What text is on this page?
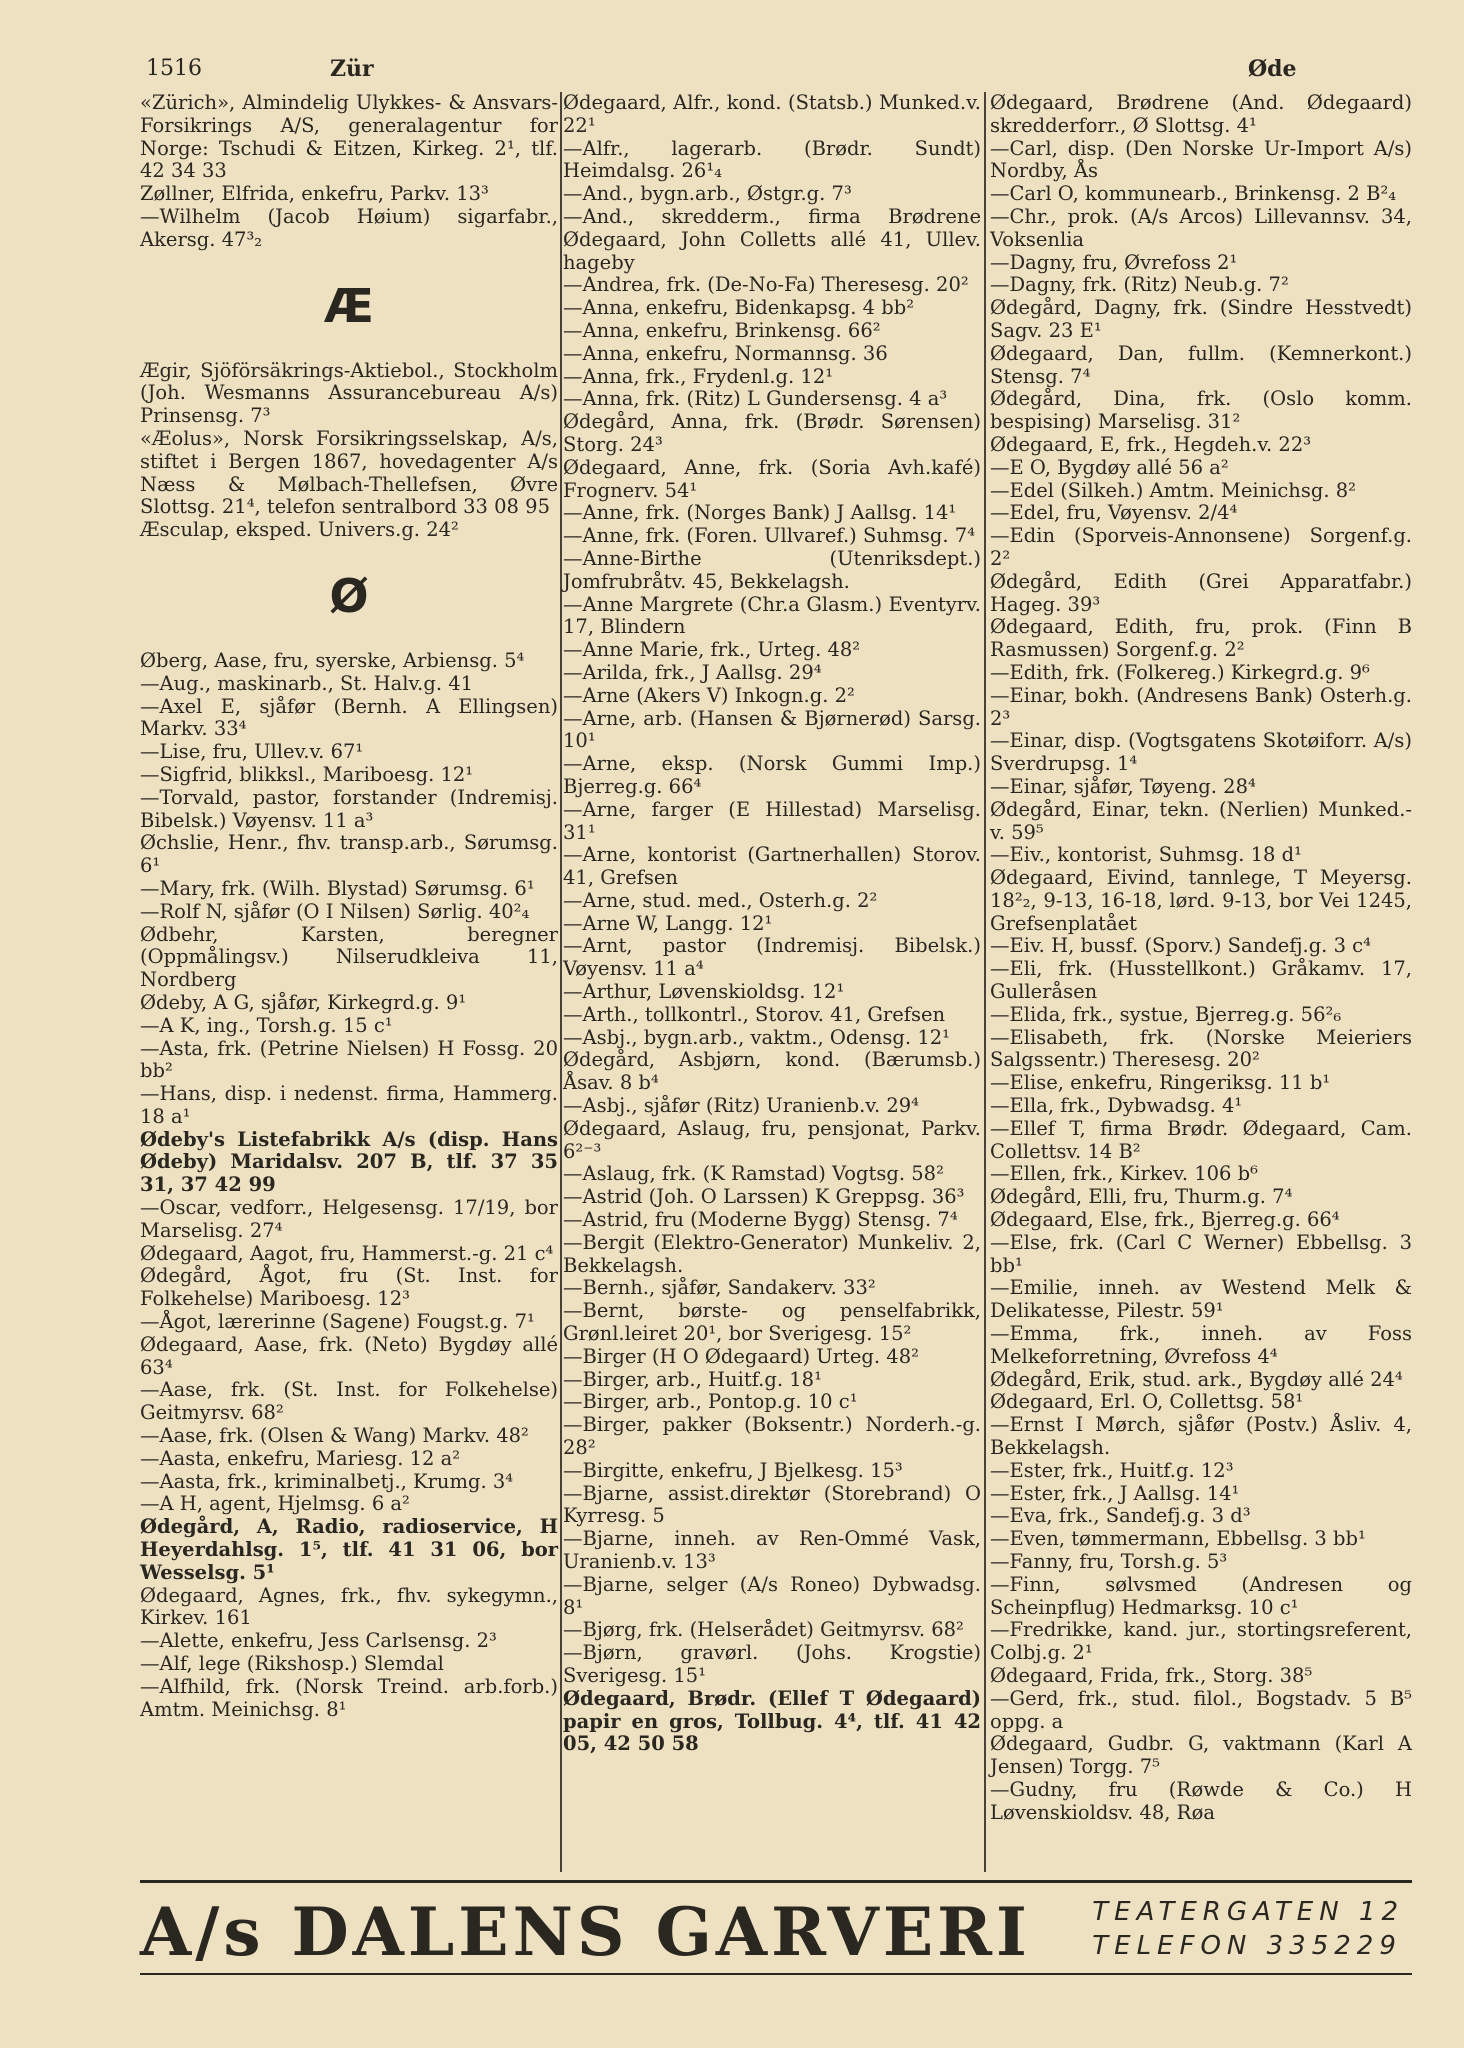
1516	Zür	Øde
«Zürich», Almindelig Ulykkes- & Ansvars-Forsikrings A/S, generalagentur for Norge: Tschudi & Eitzen, Kirkeg. 2¹, tlf. 42 34 33
Zøllner, Elfrida, enkefru, Parkv. 13³
—Wilhelm (Jacob Høium) sigarfabr., Akersg. 47³₂
Æ
Ægir, Sjöförsäkrings-Aktiebol., Stockholm (Joh. Wesmanns Assurancebureau A/s) Prinsensg. 7³
«Æolus», Norsk Forsikringsselskap, A/s, stiftet i Bergen 1867, hovedagenter A/s Næss & Mølbach-Thellefsen, Øvre Slottsg. 21⁴, telefon sentralbord 33 08 95
Æsculap, eksped. Univers.g. 24²
Ø
Øberg, Aase, fru, syerske, Arbiensg. 5⁴
—Aug., maskinarb., St. Halv.g. 41
—Axel E, sjåfør (Bernh. A Ellingsen) Markv. 33⁴
—Lise, fru, Ullev.v. 67¹
—Sigfrid, blikksl., Mariboesg. 12¹
—Torvald, pastor, forstander (Indremisj. Bibelsk.) Vøyensv. 11 a³
Øchslie, Henr., fhv. transp.arb., Sørumsg. 6¹
—Mary, frk. (Wilh. Blystad) Sørumsg. 6¹
—Rolf N, sjåfør (O I Nilsen) Sørlig. 40²₄
Ødbehr, Karsten, beregner (Oppmålingsv.) Nilserudkleiva 11, Nordberg
Ødeby, A G, sjåfør, Kirkegrd.g. 9¹
—A K, ing., Torsh.g. 15 c¹
—Asta, frk. (Petrine Nielsen) H Fossg. 20 bb²
—Hans, disp. i nedenst. firma, Hammerg. 18 a¹
Ødeby's Listefabrikk A/s (disp. Hans Ødeby) Maridalsv. 207 B, tlf. 37 35 31, 37 42 99
—Oscar, vedforr., Helgesensg. 17/19, bor Marselisg. 27⁴
Ødegaard, Aagot, fru, Hammerst.-g. 21 c⁴
Ødegård, Ågot, fru (St. Inst. for Folkehelse) Mariboesg. 12³
—Ågot, lærerinne (Sagene) Fougst.g. 7¹
Ødegaard, Aase, frk. (Neto) Bygdøy allé 63⁴
—Aase, frk. (St. Inst. for Folkehelse) Geitmyrsv. 68²
—Aase, frk. (Olsen & Wang) Markv. 48²
—Aasta, enkefru, Mariesg. 12 a²
—Aasta, frk., kriminalbetj., Krumg. 3⁴
—A H, agent, Hjelmsg. 6 a²
Ødegård, A, Radio, radioservice, H Heyerdahlsg. 1⁵, tlf. 41 31 06, bor Wesselsg. 5¹
Ødegaard, Agnes, frk., fhv. sykegymn., Kirkev. 161
—Alette, enkefru, Jess Carlsensg. 2³
—Alf, lege (Rikshosp.) Slemdal
—Alfhild, frk. (Norsk Treind. arb.forb.) Amtm. Meinichsg. 8¹
Ødegaard, Alfr., kond. (Statsb.) Munked.v. 22¹
—Alfr., lagerarb. (Brødr. Sundt) Heimdalsg. 26¹₄
—And., bygn.arb., Østgr.g. 7³
—And., skredderm., firma Brødrene Ødegaard, John Colletts allé 41, Ullev. hageby
—Andrea, frk. (De-No-Fa) Theresesg. 20²
—Anna, enkefru, Bidenkapsg. 4 bb²
—Anna, enkefru, Brinkensg. 66²
—Anna, enkefru, Normannsg. 36
—Anna, frk., Frydenl.g. 12¹
—Anna, frk. (Ritz) L Gundersensg. 4 a³
Ødegård, Anna, frk. (Brødr. Sørensen) Storg. 24³
Ødegaard, Anne, frk. (Soria Avh.kafé) Frognerv. 54¹
—Anne, frk. (Norges Bank) J Aallsg. 14¹
—Anne, frk. (Foren. Ullvaref.) Suhmsg. 7⁴
—Anne-Birthe (Utenriksdept.) Jomfrubråtv. 45, Bekkelagsh.
—Anne Margrete (Chr.a Glasm.) Eventyrv. 17, Blindern
—Anne Marie, frk., Urteg. 48²
—Arilda, frk., J Aallsg. 29⁴
—Arne (Akers V) Inkogn.g. 2²
—Arne, arb. (Hansen & Bjørnerød) Sarsg. 10¹
—Arne, eksp. (Norsk Gummi Imp.) Bjerreg.g. 66⁴
—Arne, farger (E Hillestad) Marselisg. 31¹
—Arne, kontorist (Gartnerhallen) Storov. 41, Grefsen
—Arne, stud. med., Osterh.g. 2²
—Arne W, Langg. 12¹
—Arnt, pastor (Indremisj. Bibelsk.) Vøyensv. 11 a⁴
—Arthur, Løvenskioldsg. 12¹
—Arth., tollkontrl., Storov. 41, Grefsen
—Asbj., bygn.arb., vaktm., Odensg. 12¹
Ødegård, Asbjørn, kond. (Bærumsb.) Åsav. 8 b⁴
—Asbj., sjåfør (Ritz) Uranienb.v. 29⁴
Ødegaard, Aslaug, fru, pensjonat, Parkv. 6²⁻³
—Aslaug, frk. (K Ramstad) Vogtsg. 58²
—Astrid (Joh. O Larssen) K Greppsg. 36³
—Astrid, fru (Moderne Bygg) Stensg. 7⁴
—Bergit (Elektro-Generator) Munkeliv. 2, Bekkelagsh.
—Bernh., sjåfør, Sandakerv. 33²
—Bernt, børste- og penselfabrikk, Grønl.leiret 20¹, bor Sverigesg. 15²
—Birger (H O Ødegaard) Urteg. 48²
—Birger, arb., Huitf.g. 18¹
—Birger, arb., Pontop.g. 10 c¹
—Birger, pakker (Boksentr.) Norderh.-g. 28²
—Birgitte, enkefru, J Bjelkesg. 15³
—Bjarne, assist.direktør (Storebrand) O Kyrresg. 5
—Bjarne, inneh. av Ren-Ommé Vask, Uranienb.v. 13³
—Bjarne, selger (A/s Roneo) Dybwadsg. 8¹
—Bjørg, frk. (Helserådet) Geitmyrsv. 68²
—Bjørn, gravørl. (Johs. Krogstie) Sverigesg. 15¹
Ødegaard, Brødr. (Ellef T Ødegaard) papir en gros, Tollbug. 4⁴, tlf. 41 42 05, 42 50 58
Ødegaard, Brødrene (And. Ødegaard) skredderforr., Ø Slottsg. 4¹
—Carl, disp. (Den Norske Ur-Import A/s) Nordby, Ås
—Carl O, kommunearb., Brinkensg. 2 B²₄
—Chr., prok. (A/s Arcos) Lillevannsv. 34, Voksenlia
—Dagny, fru, Øvrefoss 2¹
—Dagny, frk. (Ritz) Neub.g. 7²
Ødegård, Dagny, frk. (Sindre Hesstvedt) Sagv. 23 E¹
Ødegaard, Dan, fullm. (Kemnerkont.) Stensg. 7⁴
Ødegård, Dina, frk. (Oslo komm. bespising) Marselisg. 31²
Ødegaard, E, frk., Hegdeh.v. 22³
—E O, Bygdøy allé 56 a²
—Edel (Silkeh.) Amtm. Meinichsg. 8²
—Edel, fru, Vøyensv. 2/4⁴
—Edin (Sporveis-Annonsene) Sorgenf.g. 2²
Ødegård, Edith (Grei Apparatfabr.) Hageg. 39³
Ødegaard, Edith, fru, prok. (Finn B Rasmussen) Sorgenf.g. 2²
—Edith, frk. (Folkereg.) Kirkegrd.g. 9⁶
—Einar, bokh. (Andresens Bank) Osterh.g. 2³
—Einar, disp. (Vogtsgatens Skotøiforr. A/s) Sverdrupsg. 1⁴
—Einar, sjåfør, Tøyeng. 28⁴
Ødegård, Einar, tekn. (Nerlien) Munked.-v. 59⁵
—Eiv., kontorist, Suhmsg. 18 d¹
Ødegaard, Eivind, tannlege, T Meyersg. 18²₂, 9-13, 16-18, lørd. 9-13, bor Vei 1245, Grefsenplatået
—Eiv. H, bussf. (Sporv.) Sandefj.g. 3 c⁴
—Eli, frk. (Husstellkont.) Gråkamv. 17, Gulleråsen
—Elida, frk., systue, Bjerreg.g. 56²₆
—Elisabeth, frk. (Norske Meieriers Salgssentr.) Theresesg. 20²
—Elise, enkefru, Ringeriksg. 11 b¹
—Ella, frk., Dybwadsg. 4¹
—Ellef T, firma Brødr. Ødegaard, Cam. Collettsv. 14 B²
—Ellen, frk., Kirkev. 106 b⁶
Ødegård, Elli, fru, Thurm.g. 7⁴
Ødegaard, Else, frk., Bjerreg.g. 66⁴
—Else, frk. (Carl C Werner) Ebbellsg. 3 bb¹
—Emilie, inneh. av Westend Melk & Delikatesse, Pilestr. 59¹
—Emma, frk., inneh. av Foss Melkeforretning, Øvrefoss 4⁴
Ødegård, Erik, stud. ark., Bygdøy allé 24⁴
Ødegaard, Erl. O, Collettsg. 58¹
—Ernst I Mørch, sjåfør (Postv.) Åsliv. 4, Bekkelagsh.
—Ester, frk., Huitf.g. 12³
—Ester, frk., J Aallsg. 14¹
—Eva, frk., Sandefj.g. 3 d³
—Even, tømmermann, Ebbellsg. 3 bb¹
—Fanny, fru, Torsh.g. 5³
—Finn, sølvsmed (Andresen og Scheinpflug) Hedmarksg. 10 c¹
—Fredrikke, kand. jur., stortingsreferent, Colbj.g. 2¹
Ødegaard, Frida, frk., Storg. 38⁵
—Gerd, frk., stud. filol., Bogstadv. 5 B⁵ oppg. a
Ødegaard, Gudbr. G, vaktmann (Karl A Jensen) Torgg. 7⁵
—Gudny, fru (Røwde & Co.) H Løvenskioldsv. 48, Røa
A/s DALENS GARVERI TEATERGATEN 12
TELEFON 335229
